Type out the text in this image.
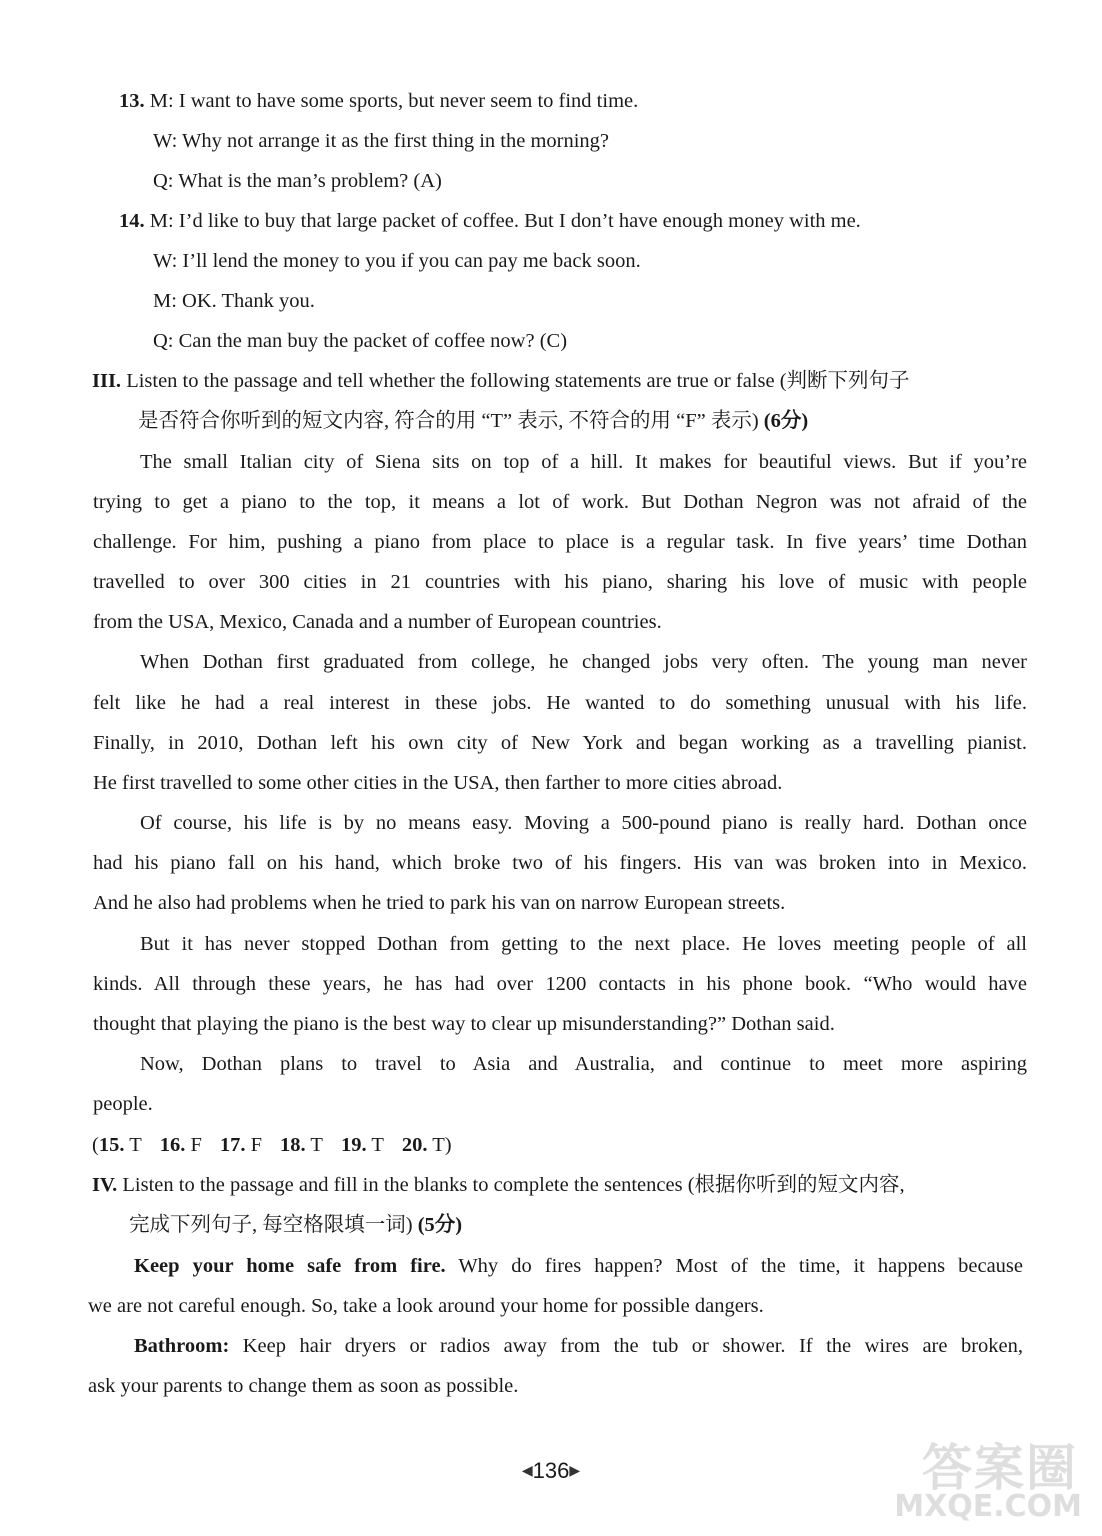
13. M: I want to have some sports, but never seem to find time.
W: Why not arrange it as the first thing in the morning?
Q: What is the man’s problem? (A)
14. M: I’d like to buy that large packet of coffee. But I don’t have enough money with me.
W: I’ll lend the money to you if you can pay me back soon.
M: OK. Thank you.
Q: Can the man buy the packet of coffee now? (C)
III. Listen to the passage and tell whether the following statements are true or false (判断下列句子
是否符合你听到的短文内容, 符合的用 “T” 表示, 不符合的用 “F” 表示) (6分)
The small Italian city of Siena sits on top of a hill. It makes for beautiful views. But if you’re
trying to get a piano to the top, it means a lot of work. But Dothan Negron was not afraid of the
challenge. For him, pushing a piano from place to place is a regular task. In five years’ time Dothan
travelled to over 300 cities in 21 countries with his piano, sharing his love of music with people
from the USA, Mexico, Canada and a number of European countries.
When Dothan first graduated from college, he changed jobs very often. The young man never
felt like he had a real interest in these jobs. He wanted to do something unusual with his life.
Finally, in 2010, Dothan left his own city of New York and began working as a travelling pianist.
He first travelled to some other cities in the USA, then farther to more cities abroad.
Of course, his life is by no means easy. Moving a 500-pound piano is really hard. Dothan once
had his piano fall on his hand, which broke two of his fingers. His van was broken into in Mexico.
And he also had problems when he tried to park his van on narrow European streets.
But it has never stopped Dothan from getting to the next place. He loves meeting people of all
kinds. All through these years, he has had over 1200 contacts in his phone book. “Who would have
thought that playing the piano is the best way to clear up misunderstanding?” Dothan said.
Now, Dothan plans to travel to Asia and Australia, and continue to meet more aspiring
people.
(15. T 16. F 17. F 18. T 19. T 20. T)
IV. Listen to the passage and fill in the blanks to complete the sentences (根据你听到的短文内容,
完成下列句子, 每空格限填一词) (5分)
Keep your home safe from fire. Why do fires happen? Most of the time, it happens because
we are not careful enough. So, take a look around your home for possible dangers.
Bathroom: Keep hair dryers or radios away from the tub or shower. If the wires are broken,
ask your parents to change them as soon as possible.
◀136▶	答案圈
MXQE.COM
